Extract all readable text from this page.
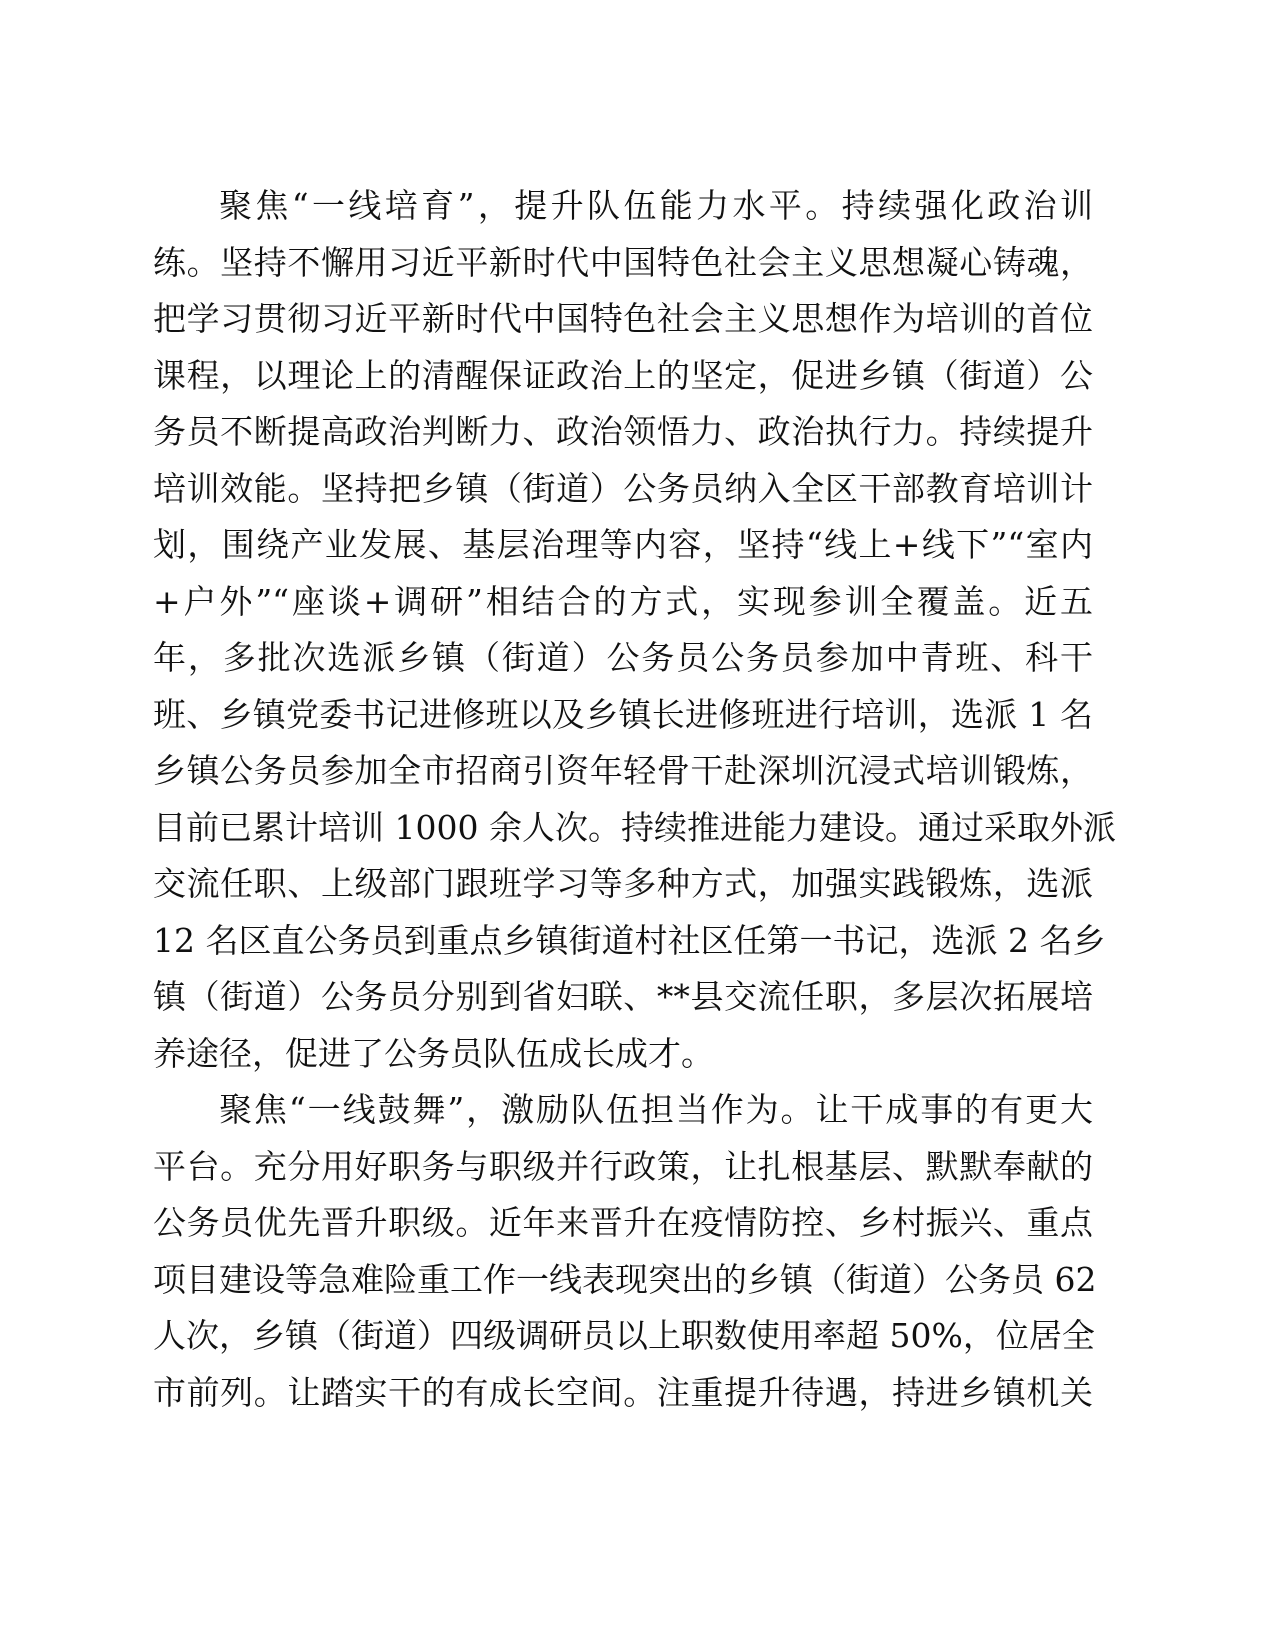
聚焦“一线培育”，提升队伍能力水平。持续强化政治训
练。坚持不懈用习近平新时代中国特色社会主义思想凝心铸魂，
把学习贯彻习近平新时代中国特色社会主义思想作为培训的首位
课程，以理论上的清醒保证政治上的坚定，促进乡镇（街道）公
务员不断提高政治判断力、政治领悟力、政治执行力。持续提升
培训效能。坚持把乡镇（街道）公务员纳入全区干部教育培训计
划，围绕产业发展、基层治理等内容，坚持“线上+线下”“室内
+户外”“座谈+调研”相结合的方式，实现参训全覆盖。近五
年，多批次选派乡镇（街道）公务员公务员参加中青班、科干
班、乡镇党委书记进修班以及乡镇长进修班进行培训，选派 1 名
乡镇公务员参加全市招商引资年轻骨干赴深圳沉浸式培训锻炼，
目前已累计培训 1000 余人次。持续推进能力建设。通过采取外派
交流任职、上级部门跟班学习等多种方式，加强实践锻炼，选派
12 名区直公务员到重点乡镇街道村社区任第一书记，选派 2 名乡
镇（街道）公务员分别到省妇联、**县交流任职，多层次拓展培
养途径，促进了公务员队伍成长成才。
聚焦“一线鼓舞”，激励队伍担当作为。让干成事的有更大
平台。充分用好职务与职级并行政策，让扎根基层、默默奉献的
公务员优先晋升职级。近年来晋升在疫情防控、乡村振兴、重点
项目建设等急难险重工作一线表现突出的乡镇（街道）公务员 62
人次，乡镇（街道）四级调研员以上职数使用率超 50%，位居全
市前列。让踏实干的有成长空间。注重提升待遇，持进乡镇机关
